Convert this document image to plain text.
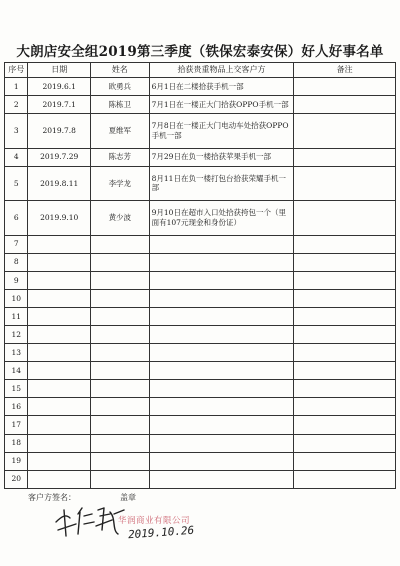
大朗店安全组2019第三季度（铁保宏泰安保）好人好事名单
序号	日期	姓名	拾获贵重物品上交客户方	备注
1	2019.6.1	欧勇兵	6月1日在二楼拾获手机一部	
2	2019.7.1	陈栋卫	7月1日在一楼正大门拾获OPPO手机一部	
3	2019.7.8	夏维军	7月8日在一楼正大门电动车处拾获OPPO手机一部	
4	2019.7.29	陈志芳	7月29日在负一楼拾获苹果手机一部	
5	2019.8.11	李学龙	8月11日在负一楼打包台拾获荣耀手机一部	
6	2019.9.10	黄少波	9月10日在超市入口处拾获挎包一个（里面有107元现金和身份证）	
7				
8				
9				
10				
11				
12				
13				
14				
15				
16				
17				
18				
19				
20				
客户方签名：	盖章
华润商业有限公司
2019.10.26
